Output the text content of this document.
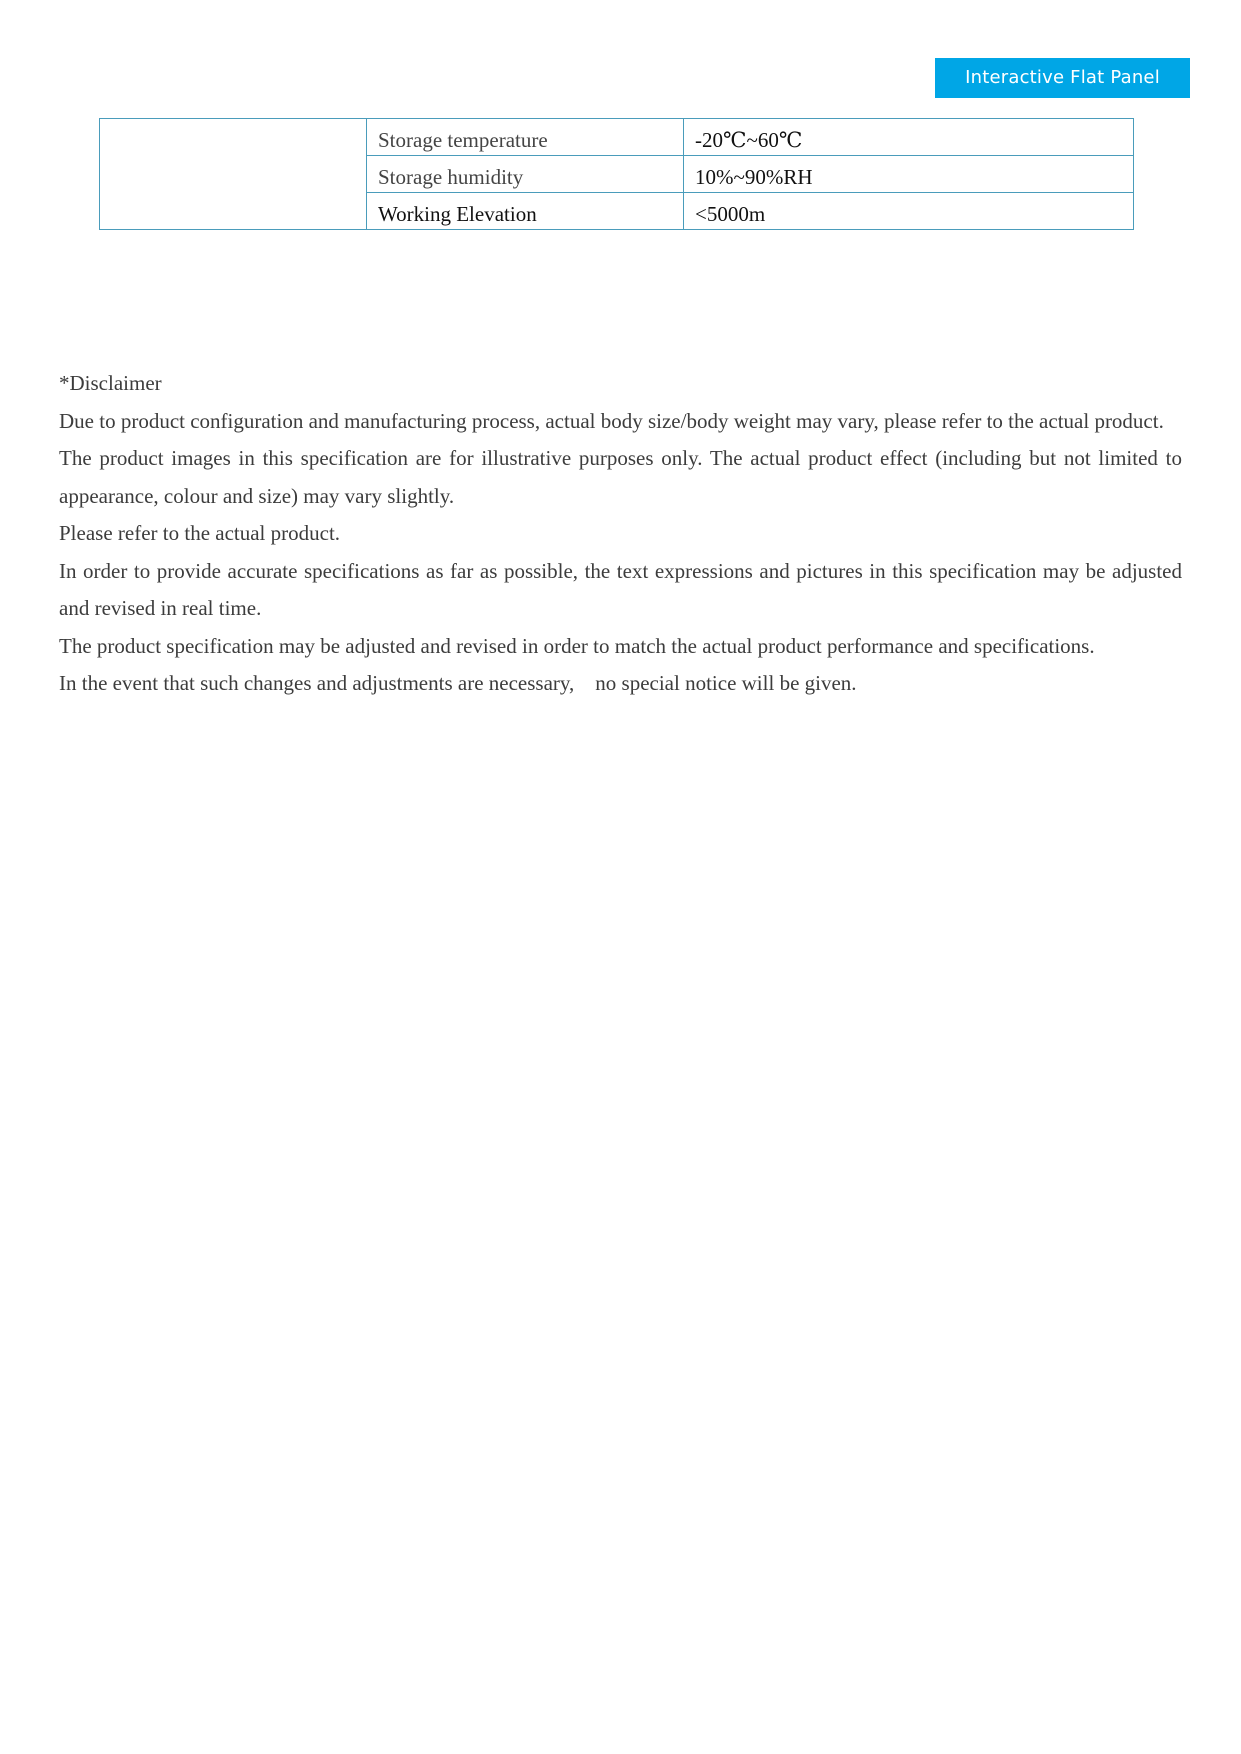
Interactive Flat Panel
	Storage temperature	-20℃~60℃
	Storage humidity	10%~90%RH
	Working Elevation	<5000m

*Disclaimer

Due to product configuration and manufacturing process, actual body size/body weight may vary, please refer to the actual product.

The product images in this specification are for illustrative purposes only. The actual product effect (including but not limited to appearance, colour and size) may vary slightly.

Please refer to the actual product.

In order to provide accurate specifications as far as possible, the text expressions and pictures in this specification may be adjusted and revised in real time.

The product specification may be adjusted and revised in order to match the actual product performance and specifications.

In the event that such changes and adjustments are necessary,    no special notice will be given.
